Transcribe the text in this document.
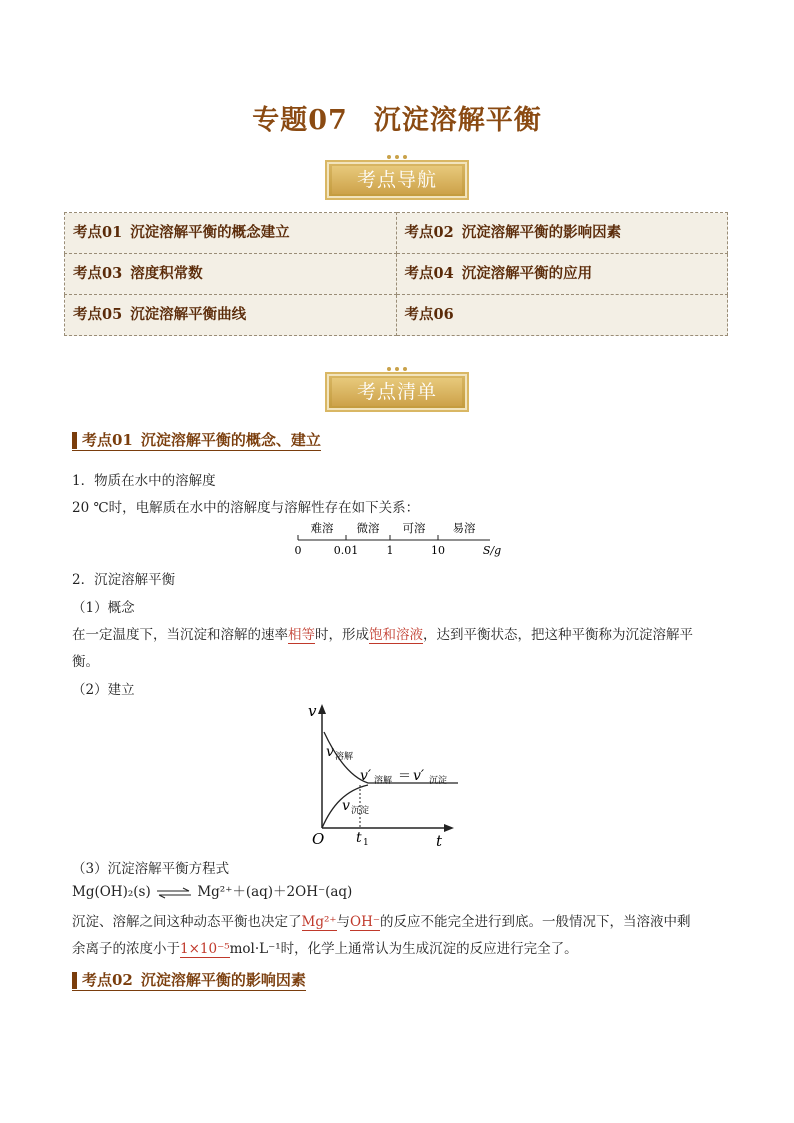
专题07 沉淀溶解平衡
考点导航
考点01 沉淀溶解平衡的概念建立	考点02 沉淀溶解平衡的影响因素
考点03 溶度积常数	考点04 沉淀溶解平衡的应用
考点05 沉淀溶解平衡曲线	考点06
考点清单
考点01 沉淀溶解平衡的概念、建立
1．物质在水中的溶解度
20 ℃时，电解质在水中的溶解度与溶解性存在如下关系：
难溶 微溶 可溶 易溶
0	0.01	1	10	S/g
2．沉淀溶解平衡
（1）概念
在一定温度下，当沉淀和溶解的速率相等时，形成饱和溶液，达到平衡状态，把这种平衡称为沉淀溶解平
衡。
（2）建立
v
t
O t 1
v 溶解
v 沉淀
v′ 溶解 ＝ v′ 沉淀
（3）沉淀溶解平衡方程式
Mg(OH)₂(s) ⇌ Mg²⁺＋(aq)＋2OH⁻(aq)
沉淀、溶解之间这种动态平衡也决定了Mg²⁺与OH⁻的反应不能完全进行到底。一般情况下，当溶液中剩
余离子的浓度小于1×10⁻⁵mol·L⁻¹时，化学上通常认为生成沉淀的反应进行完全了。
考点02 沉淀溶解平衡的影响因素
